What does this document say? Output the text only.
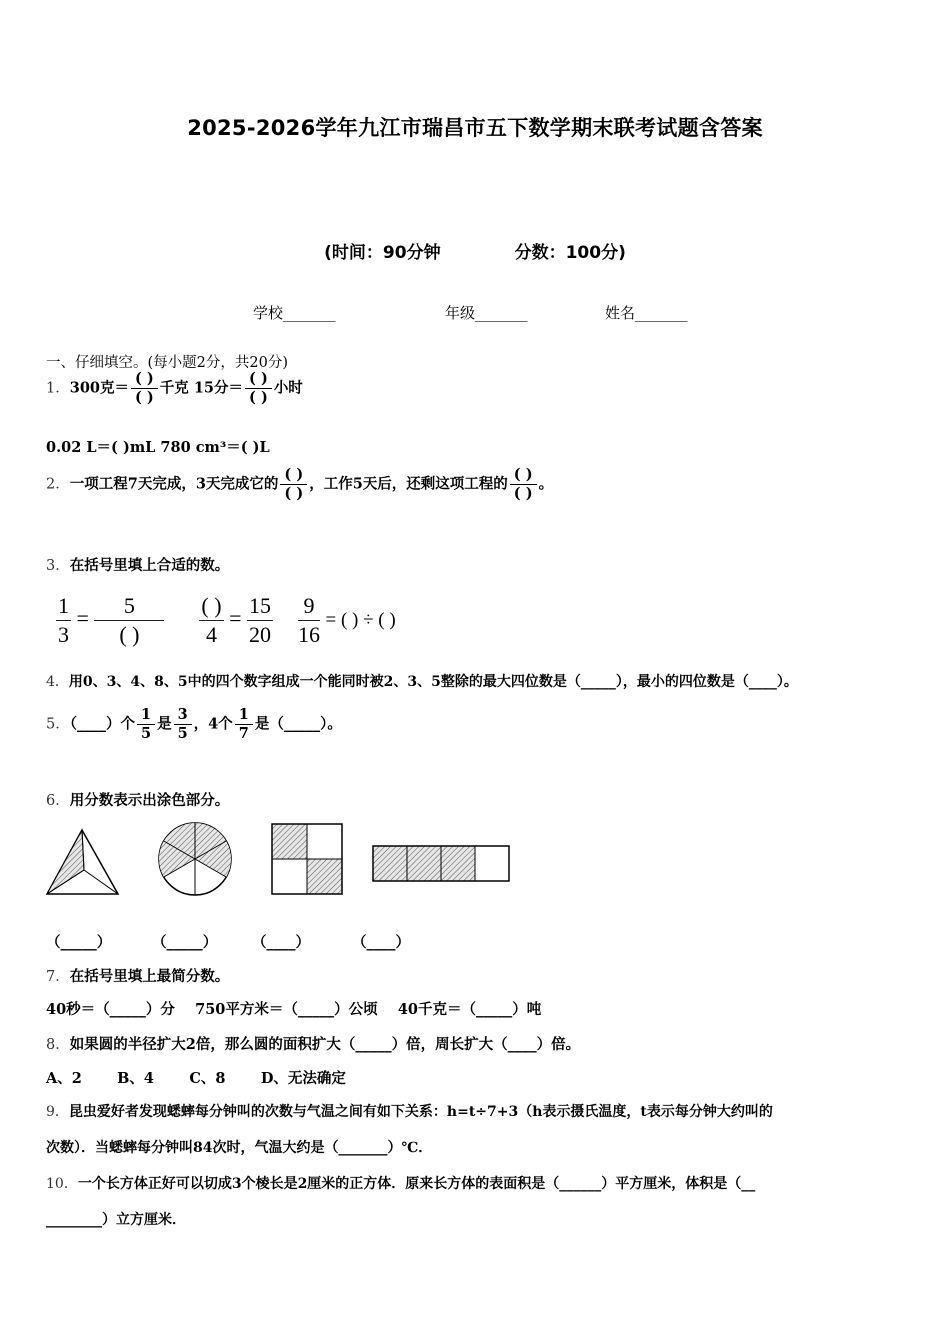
2025-2026学年九江市瑞昌市五下数学期末联考试题含答案
(时间：90分钟	分数：100分)
学校_______	年级_______	姓名_______
一、仔细填空。(每小题2分，共20分)
1．300克＝ $\frac{( )}{( )}$ 千克 15分＝ $\frac{( )}{( )}$ 小时
0.02 L＝( )mL 780 cm³＝( )L
2．一项工程7天完成，3天完成它的 $\frac{( )}{( )}$ ，工作5天后，还剩这项工程的 $\frac{( )}{( )}$ 。
3．在括号里填上合适的数。
$\frac{1}{3}$ =
5
( )

( )
4
= $\frac{15}{20}$
$\frac{9}{16}$ = ( ) ÷ ( )
4．用0、3、4、8、5中的四个数字组成一个能同时被2、3、5整除的最大四位数是（_____），最小的四位数是（____）。
5．（____）个 $\frac{1}{5}$ 是 $\frac{3}{5}$ ，4个 $\frac{1}{7}$ 是（_____）。
6．用分数表示出涂色部分。
（_____）	（_____） （____）	（____）
7．在括号里填上最简分数。
40秒＝（_____）分    750平方米＝（_____）公顷    40千克＝（_____）吨
8．如果圆的半径扩大2倍，那么圆的面积扩大（_____）倍，周长扩大（____）倍。
A、2       B、4       C、8       D、无法确定
9．昆虫爱好者发现蟋蟀每分钟叫的次数与气温之间有如下关系：h=t÷7+3（h表示摄氏温度，t表示每分钟大约叫的
次数）．当蟋蟀每分钟叫84次时，气温大约是（_______）℃．
10．一个长方体正好可以切成3个棱长是2厘米的正方体．原来长方体的表面积是（______）平方厘米，体积是（__
________）立方厘米．
